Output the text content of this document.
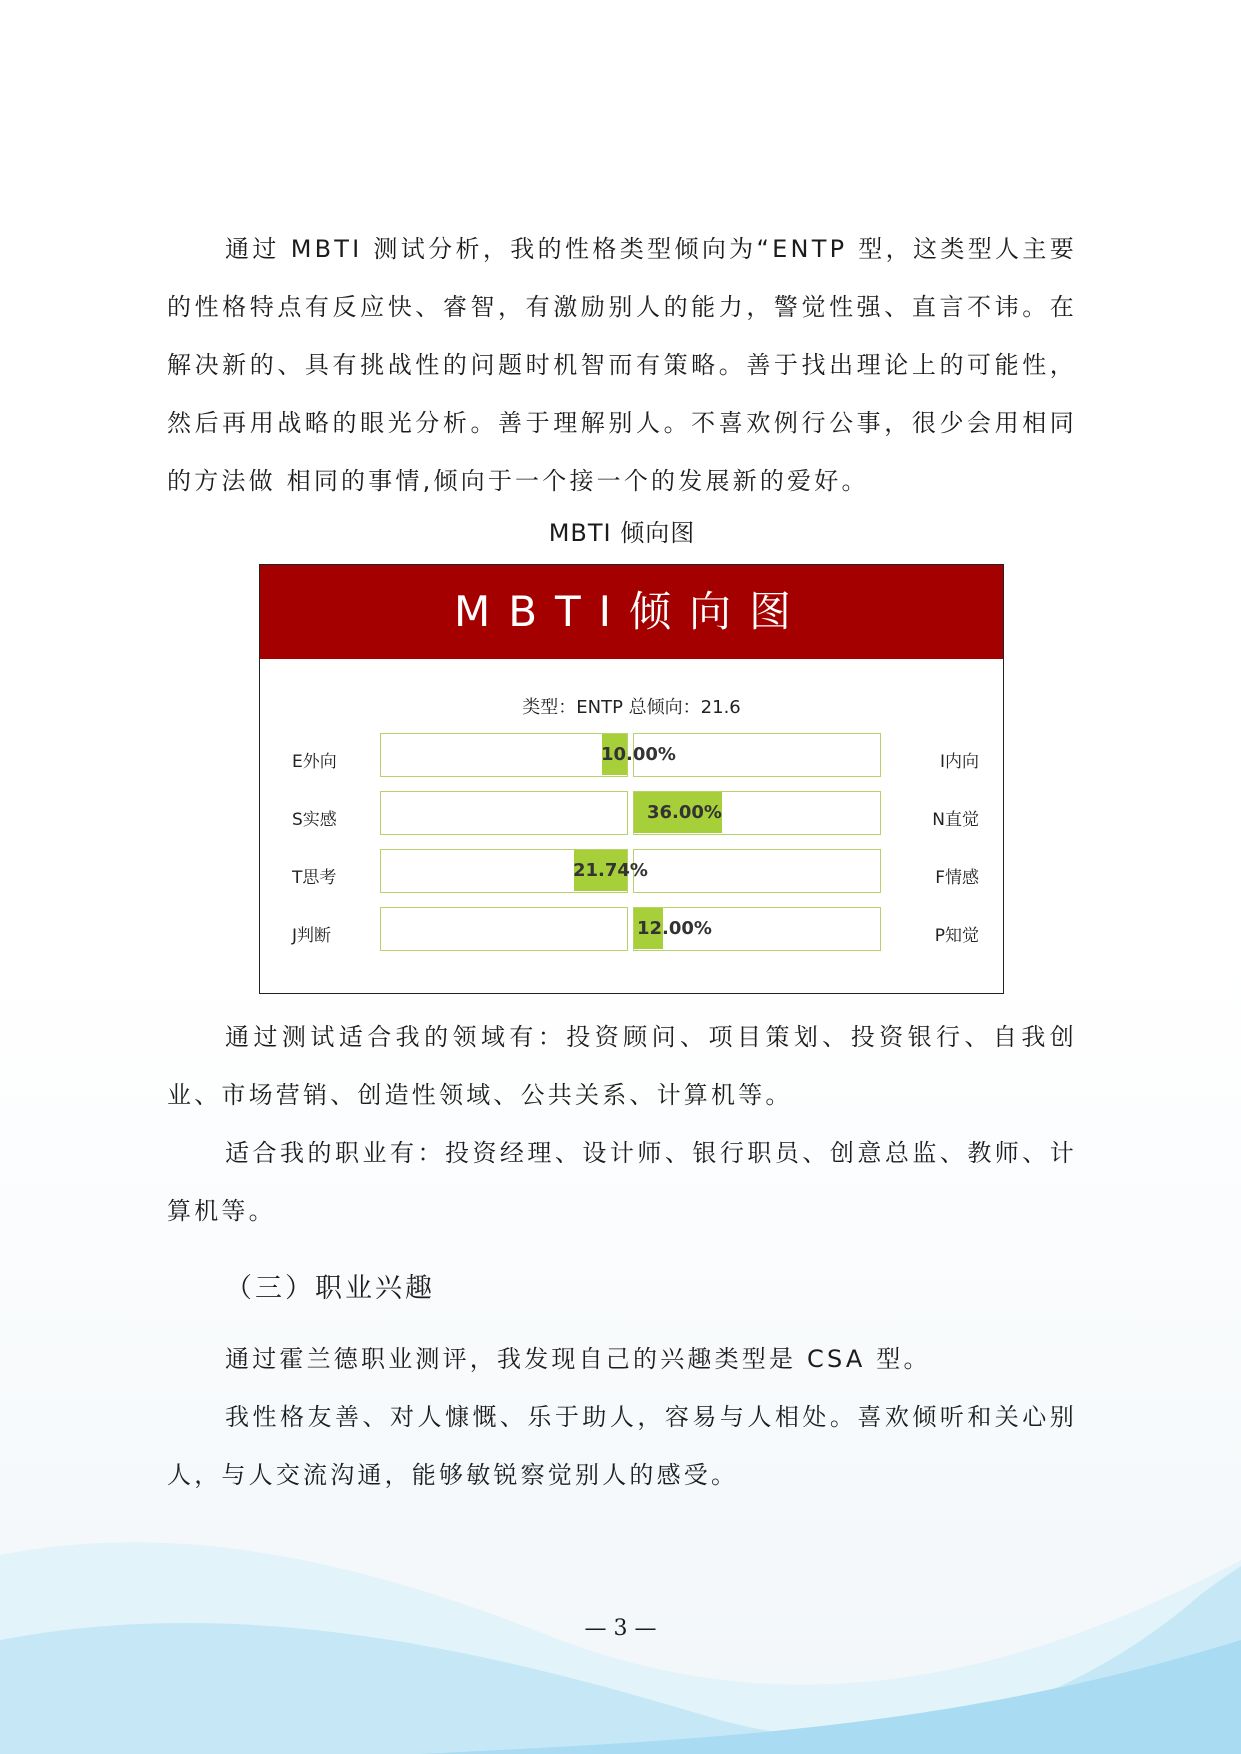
通过 MBTI 测试分析，我的性格类型倾向为“ENTP 型，这类型人主要的性格特点有反应快、睿智，有激励别人的能力，警觉性强、直言不讳。在解决新的、具有挑战性的问题时机智而有策略。善于找出理论上的可能性，然后再用战略的眼光分析。善于理解别人。不喜欢例行公事，很少会用相同的方法做 相同的事情,倾向于一个接一个的发展新的爱好。

MBTI 倾向图
MBTI倾向图
类型：ENTP 总倾向：21.6
E外向	10.00%	I内向
S实感	36.00%	N直觉
T思考	21.74%	F情感
J判断	12.00%	P知觉

通过测试适合我的领域有：投资顾问、项目策划、投资银行、自我创业、市场营销、创造性领域、公共关系、计算机等。

适合我的职业有：投资经理、设计师、银行职员、创意总监、教师、计算机等。

（三）职业兴趣

通过霍兰德职业测评，我发现自己的兴趣类型是 CSA 型。

我性格友善、对人慷慨、乐于助人，容易与人相处。喜欢倾听和关心别人，与人交流沟通，能够敏锐察觉别人的感受。

— 3 —
